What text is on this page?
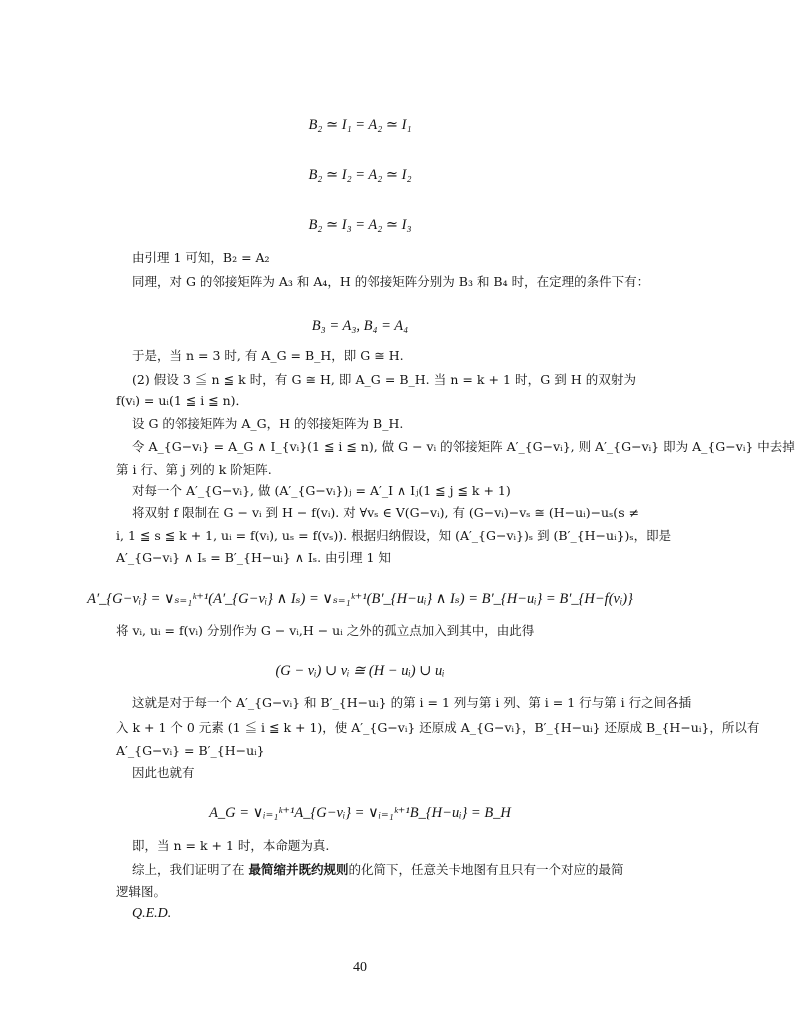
B₂ ≃ I₁ = A₂ ≃ I₁
B₂ ≃ I₂ = A₂ ≃ I₂
B₂ ≃ I₃ = A₂ ≃ I₃
由引理 1 可知，B₂ = A₂
同理，对 G 的邻接矩阵为 A₃ 和 A₄，H 的邻接矩阵分别为 B₃ 和 B₄ 时，在定理的条件下有：
B₃ = A₃, B₄ = A₄
于是，当 n = 3 时, 有 A_G = B_H，即 G ≅ H.
(2) 假设 3 ≦ n ≦ k 时，有 G ≅ H, 即 A_G = B_H. 当 n = k + 1 时，G 到 H 的双射为
f(vᵢ) = uᵢ(1 ≦ i ≦ n)．
设 G 的邻接矩阵为 A_G，H 的邻接矩阵为 B_H.
令 A_{G−vᵢ} = A_G ∧ I_{vᵢ}(1 ≦ i ≦ n), 做 G − vᵢ 的邻接矩阵 A′_{G−vᵢ}, 则 A′_{G−vᵢ} 即为 A_{G−vᵢ} 中去掉
第 i 行、第 j 列的 k 阶矩阵.
对每一个 A′_{G−vᵢ}, 做 (A′_{G−vᵢ})ⱼ = A′_I ∧ Iⱼ(1 ≦ j ≦ k + 1)
将双射 f 限制在 G − vᵢ 到 H − f(vᵢ). 对 ∀vₛ ∈ V(G−vᵢ), 有 (G−vᵢ)−vₛ ≅ (H−uᵢ)−uₛ(s ≠
i, 1 ≦ s ≦ k + 1, uᵢ = f(vᵢ), uₛ = f(vₛ)). 根据归纳假设，知 (A′_{G−vᵢ})ₛ 到 (B′_{H−uᵢ})ₛ，即是
A′_{G−vᵢ} ∧ Iₛ = B′_{H−uᵢ} ∧ Iₛ. 由引理 1 知
A′_{G−vᵢ} = ∨ₛ₌₁ᵏ⁺¹(A′_{G−vᵢ} ∧ Iₛ) = ∨ₛ₌₁ᵏ⁺¹(B′_{H−uᵢ} ∧ Iₛ) = B′_{H−uᵢ} = B′_{H−f(vᵢ)}
将 vᵢ, uᵢ = f(vᵢ) 分别作为 G − vᵢ,H − uᵢ 之外的孤立点加入到其中，由此得
(G − vᵢ) ∪ vᵢ ≅ (H − uᵢ) ∪ uᵢ
这就是对于每一个 A′_{G−vᵢ} 和 B′_{H−uᵢ} 的第 i = 1 列与第 i 列、第 i = 1 行与第 i 行之间各插
入 k + 1 个 0 元素 (1 ≦ i ≦ k + 1)，使 A′_{G−vᵢ} 还原成 A_{G−vᵢ}，B′_{H−uᵢ} 还原成 B_{H−uᵢ}，所以有
A′_{G−vᵢ} = B′_{H−uᵢ}
因此也就有
A_G = ∨ᵢ₌₁ᵏ⁺¹A_{G−vᵢ} = ∨ᵢ₌₁ᵏ⁺¹B_{H−uᵢ} = B_H
即，当 n = k + 1 时，本命题为真.
综上，我们证明了在 最简缩并既约规则的化简下，任意关卡地图有且只有一个对应的最简
逻辑图。
Q.E.D.
40
